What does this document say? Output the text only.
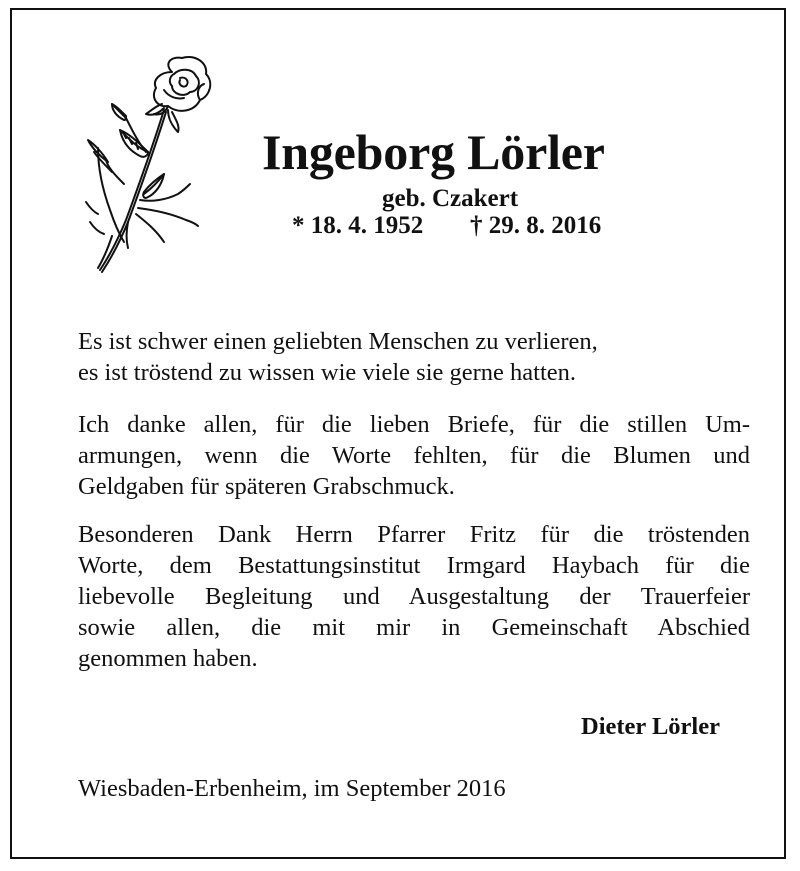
Ingeborg Lörler
geb. Czakert
* 18. 4. 1952 † 29. 8. 2016
Es ist schwer einen geliebten Menschen zu verlieren,
es ist tröstend zu wissen wie viele sie gerne hatten.
Ich danke allen, für die lieben Briefe, für die stillen Um-
armungen, wenn die Worte fehlten, für die Blumen und
Geldgaben für späteren Grabschmuck.
Besonderen Dank Herrn Pfarrer Fritz für die tröstenden
Worte, dem Bestattungsinstitut Irmgard Haybach für die
liebevolle Begleitung und Ausgestaltung der Trauerfeier
sowie allen, die mit mir in Gemeinschaft Abschied
genommen haben.
Dieter Lörler
Wiesbaden-Erbenheim, im September 2016
